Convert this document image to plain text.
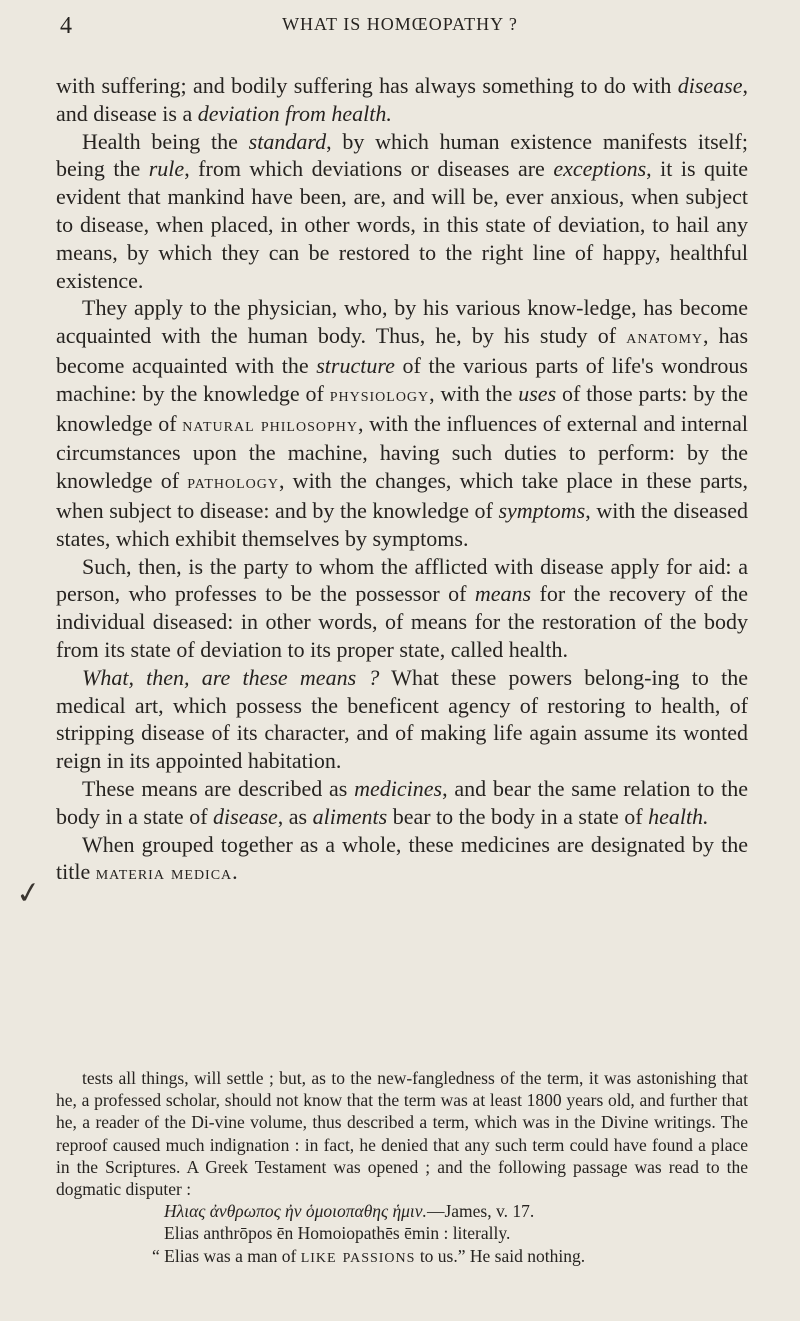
4	WHAT IS HOMŒOPATHY ?

with suffering; and bodily suffering has always something to do with disease, and disease is a deviation from health.

Health being the standard, by which human existence manifests itself; being the rule, from which deviations or diseases are exceptions, it is quite evident that mankind have been, are, and will be, ever anxious, when subject to disease, when placed, in other words, in this state of deviation, to hail any means, by which they can be restored to the right line of happy, healthful existence.

They apply to the physician, who, by his various know-ledge, has become acquainted with the human body. Thus, he, by his study of anatomy, has become acquainted with the structure of the various parts of life's wondrous machine: by the knowledge of physiology, with the uses of those parts: by the knowledge of natural philosophy, with the influences of external and internal circumstances upon the machine, having such duties to perform: by the knowledge of pathology, with the changes, which take place in these parts, when subject to disease: and by the knowledge of symptoms, with the diseased states, which exhibit themselves by symptoms.

Such, then, is the party to whom the afflicted with disease apply for aid: a person, who professes to be the possessor of means for the recovery of the individual diseased: in other words, of means for the restoration of the body from its state of deviation to its proper state, called health.

What, then, are these means ? What these powers belong-ing to the medical art, which possess the beneficent agency of restoring to health, of stripping disease of its character, and of making life again assume its wonted reign in its appointed habitation.

These means are described as medicines, and bear the same relation to the body in a state of disease, as aliments bear to the body in a state of health.

When grouped together as a whole, these medicines are designated by the title materia medica.

✓

tests all things, will settle ; but, as to the new-fangledness of the term, it was astonishing that he, a professed scholar, should not know that the term was at least 1800 years old, and further that he, a reader of the Di-vine volume, thus described a term, which was in the Divine writings. The reproof caused much indignation : in fact, he denied that any such term could have found a place in the Scriptures. A Greek Testament was opened ; and the following passage was read to the dogmatic disputer :

Ηλιας ἀνθρωπος ἠν ὁμοιοπαθης ἡμιν.—James, v. 17.

Elias anthrōpos ēn Homoiopathēs ēmin : literally.

“ Elias was a man of like passions to us.” He said nothing.
